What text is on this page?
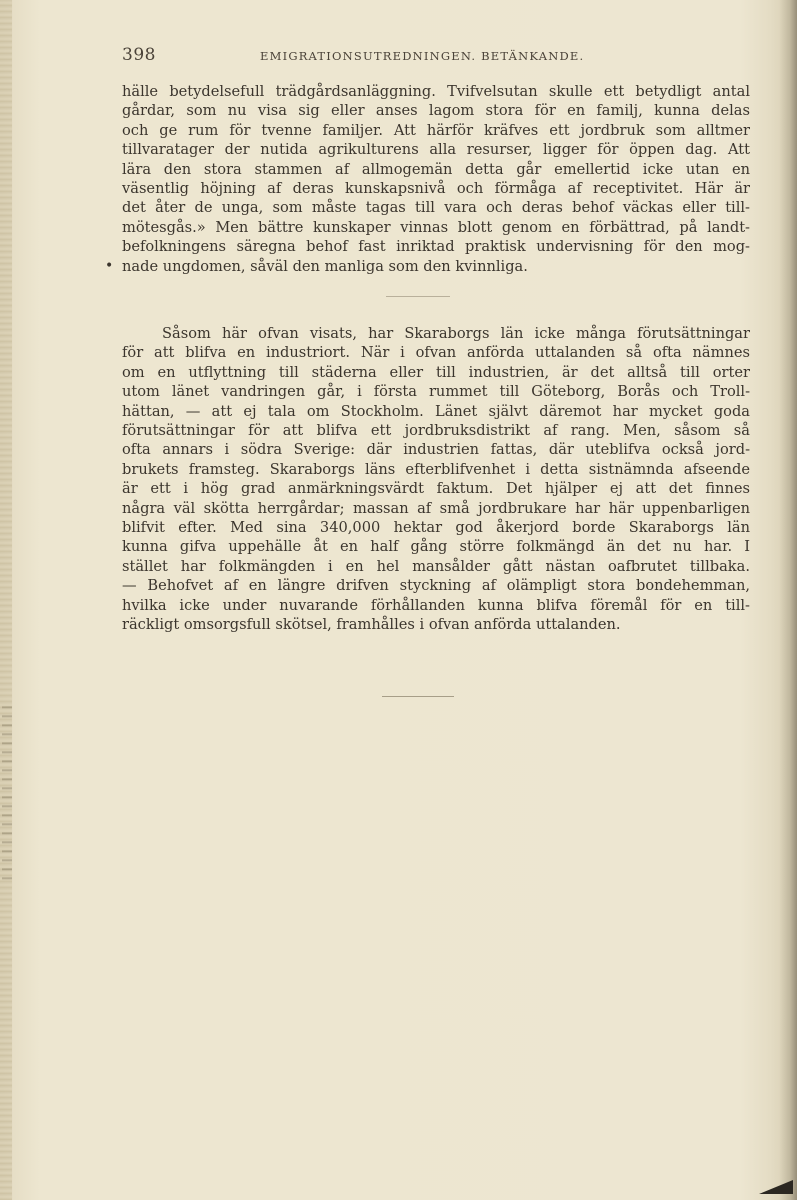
398	EMIGRATIONSUTREDNINGEN. BETÄNKANDE.
hälle betydelsefull trädgårdsanläggning. Tvifvelsutan skulle ett betydligt antal
gårdar, som nu visa sig eller anses lagom stora för en familj, kunna delas
och ge rum för tvenne familjer. Att härför kräfves ett jordbruk som alltmer
tillvaratager der nutida agrikulturens alla resurser, ligger för öppen dag. Att
lära den stora stammen af allmogemän detta går emellertid icke utan en
väsentlig höjning af deras kunskapsnivå och förmåga af receptivitet. Här är
det åter de unga, som måste tagas till vara och deras behof väckas eller till-
mötesgås.» Men bättre kunskaper vinnas blott genom en förbättrad, på landt-
befolkningens säregna behof fast inriktad praktisk undervisning för den mog-
nade ungdomen, såväl den manliga som den kvinnliga.
•
Såsom här ofvan visats, har Skaraborgs län icke många förutsättningar
för att blifva en industriort. När i ofvan anförda uttalanden så ofta nämnes
om en utflyttning till städerna eller till industrien, är det alltså till orter
utom länet vandringen går, i första rummet till Göteborg, Borås och Troll-
hättan, — att ej tala om Stockholm. Länet självt däremot har mycket goda
förutsättningar för att blifva ett jordbruksdistrikt af rang. Men, såsom så
ofta annars i södra Sverige: där industrien fattas, där uteblifva också jord-
brukets framsteg. Skaraborgs läns efterblifvenhet i detta sistnämnda afseende
är ett i hög grad anmärkningsvärdt faktum. Det hjälper ej att det finnes
några väl skötta herrgårdar; massan af små jordbrukare har här uppenbarligen
blifvit efter. Med sina 340,000 hektar god åkerjord borde Skaraborgs län
kunna gifva uppehälle åt en half gång större folkmängd än det nu har. I
stället har folkmängden i en hel mansålder gått nästan oafbrutet tillbaka.
— Behofvet af en längre drifven styckning af olämpligt stora bondehemman,
hvilka icke under nuvarande förhållanden kunna blifva föremål för en till-
räckligt omsorgsfull skötsel, framhålles i ofvan anförda uttalanden.
